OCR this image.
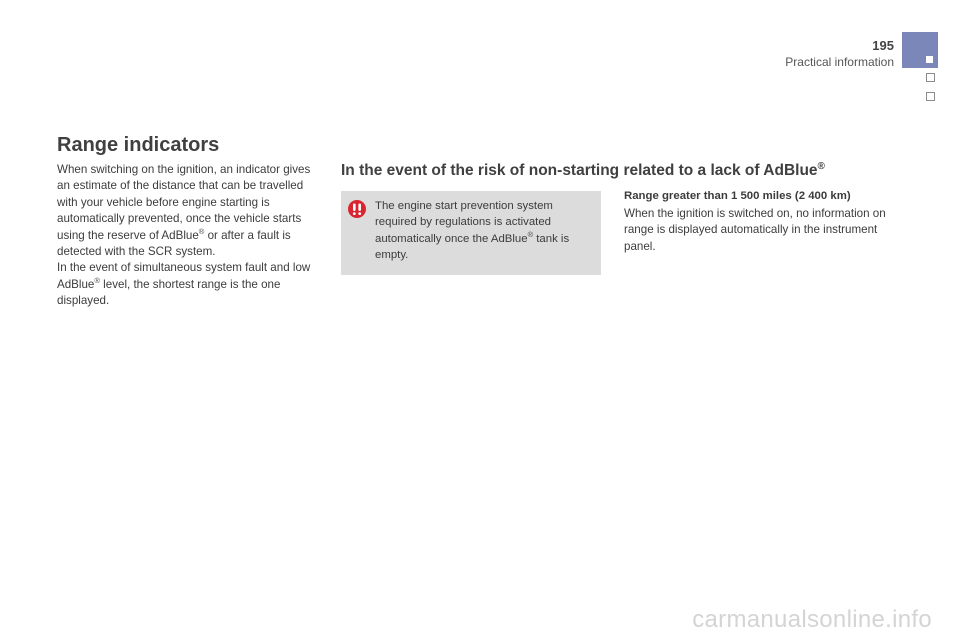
195
Practical information
Range indicators

When switching on the ignition, an indicator gives an estimate of the distance that can be travelled with your vehicle before engine starting is automatically prevented, once the vehicle starts using the reserve of AdBlue® or after a fault is detected with the SCR system.
In the event of simultaneous system fault and low AdBlue® level, the shortest range is the one displayed.

In the event of the risk of non-starting related to a lack of AdBlue®

The engine start prevention system required by regulations is activated automatically once the AdBlue® tank is empty.

Range greater than 1 500 miles (2 400 km)

When the ignition is switched on, no information on range is displayed automatically in the instrument panel.

carmanualsonline.info
